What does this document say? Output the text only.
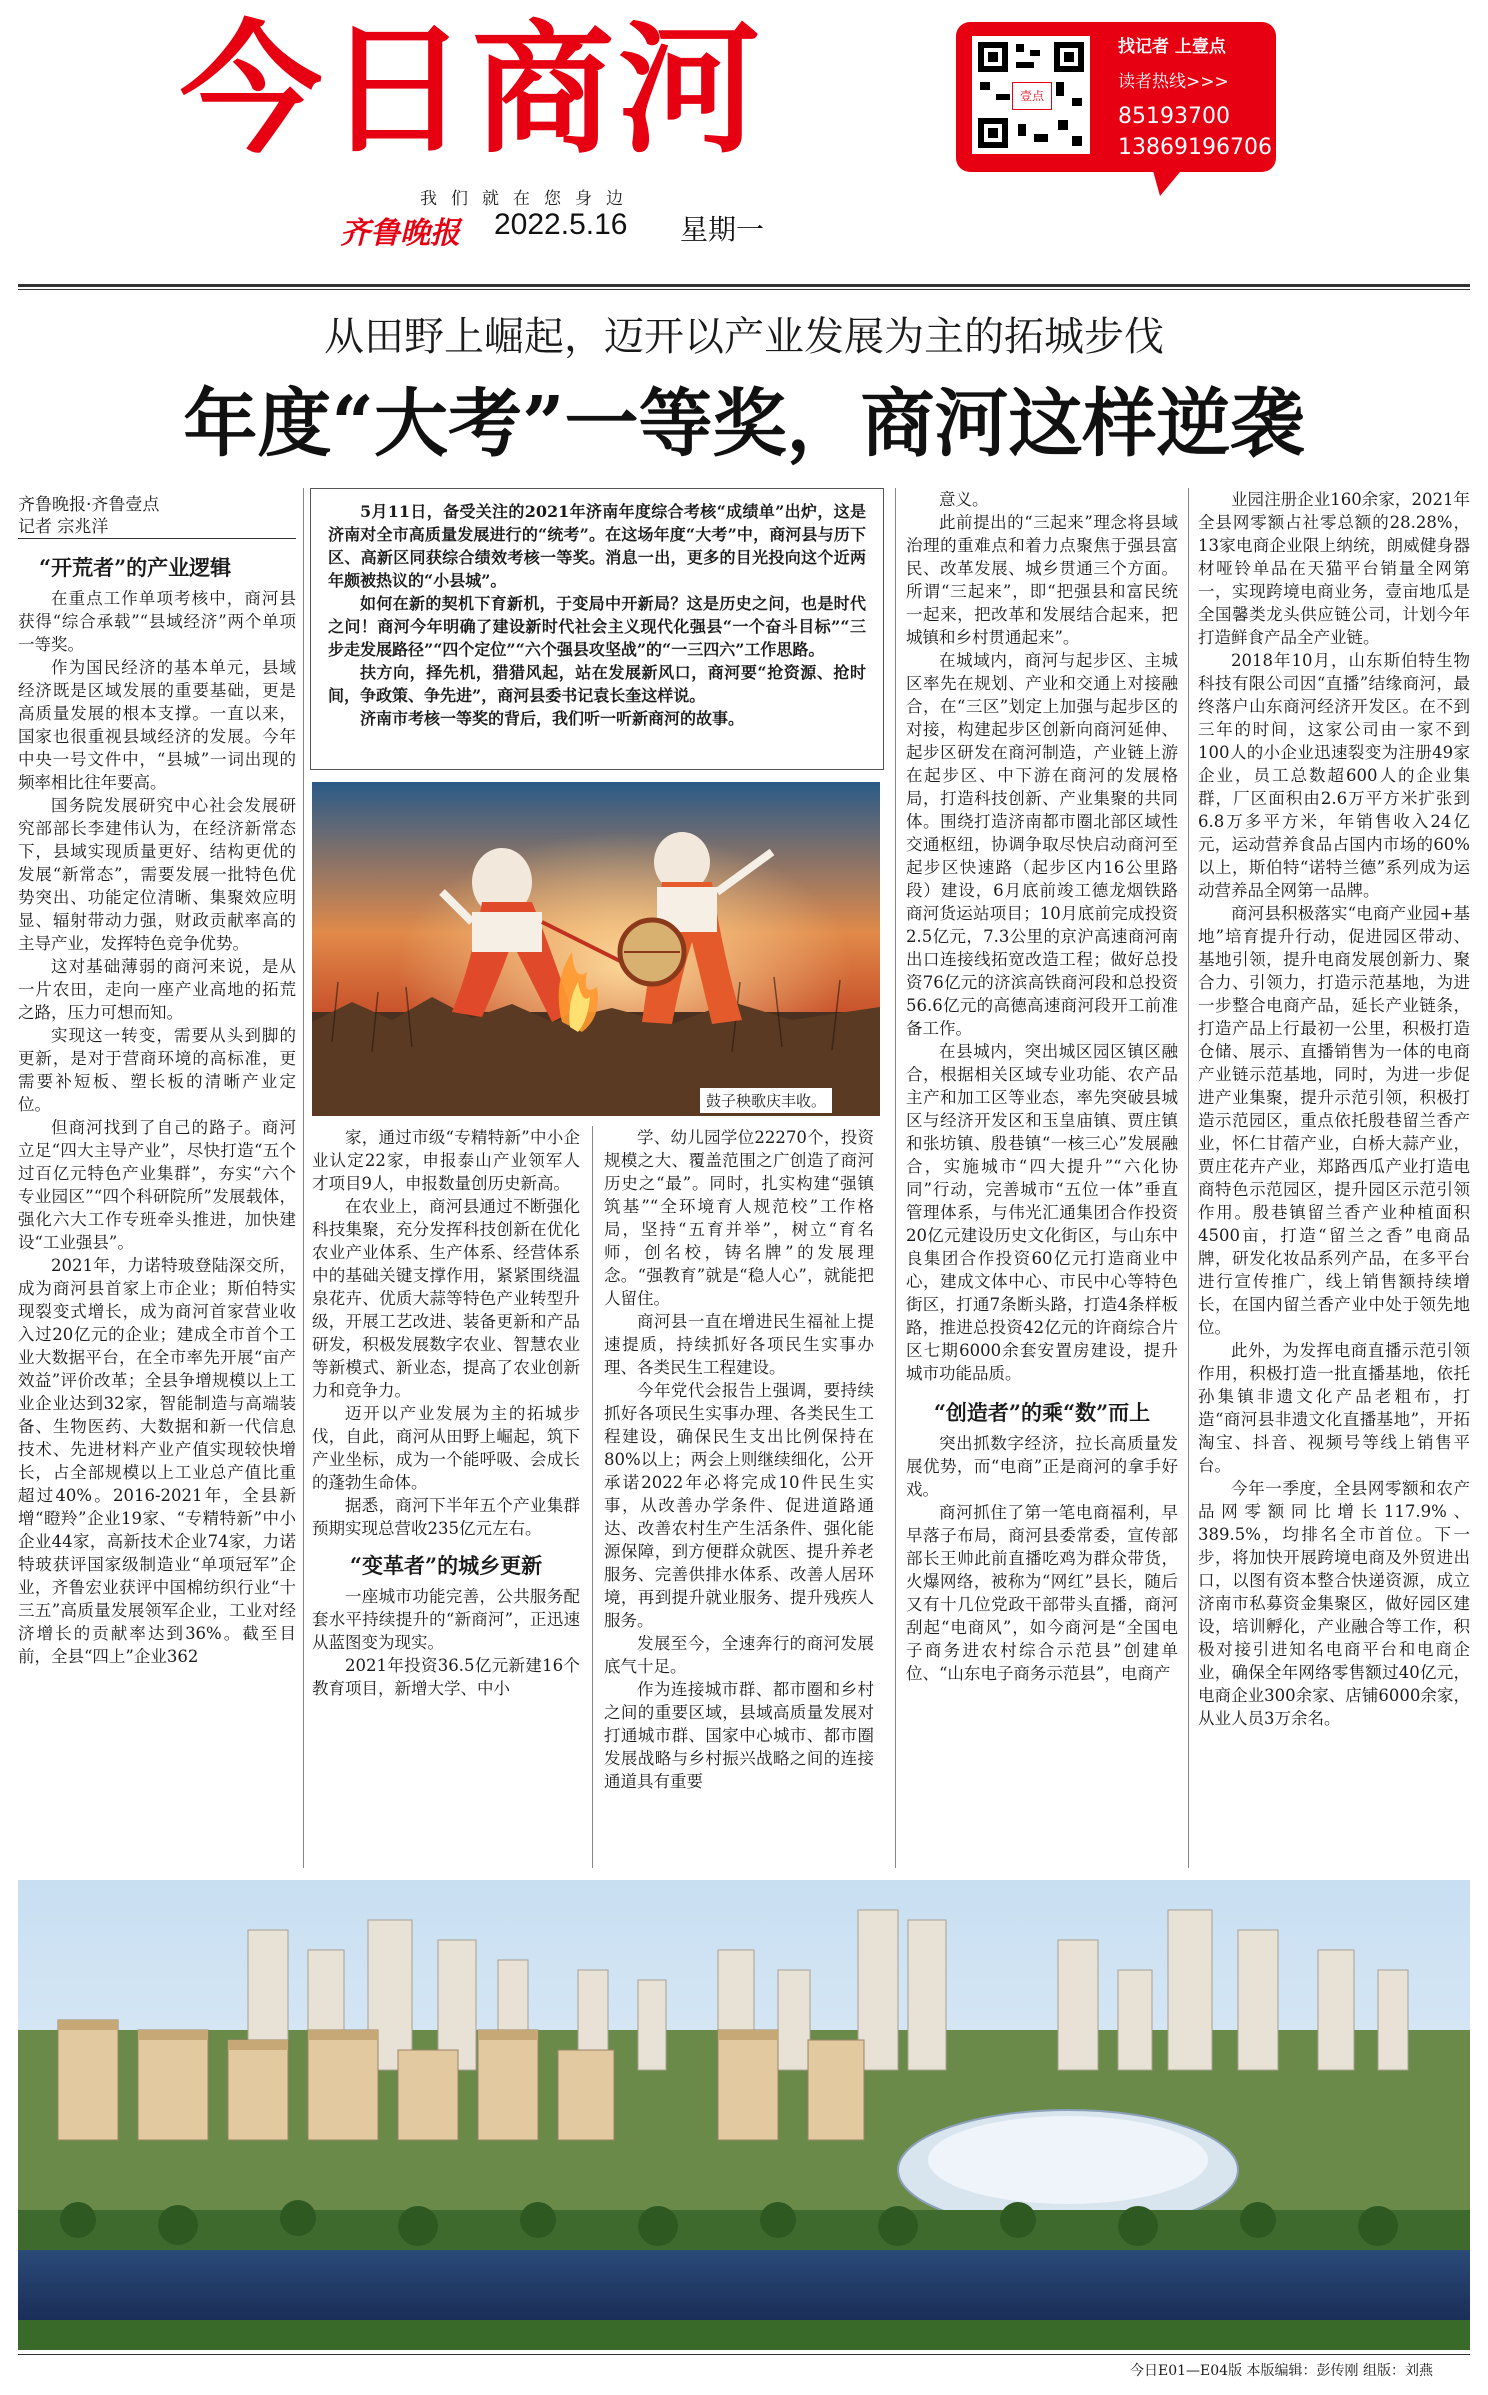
今日商河
我们就在您身边
齐鲁晚报 2022.5.16 星期一
壹点
找记者 上壹点
读者热线>>>
85193700
13869196706
从田野上崛起，迈开以产业发展为主的拓城步伐
年度“大考”一等奖，商河这样逆袭
齐鲁晚报·齐鲁壹点
记者 宗兆洋
“开荒者”的产业逻辑

在重点工作单项考核中，商河县获得“综合承载”“县域经济”两个单项一等奖。

作为国民经济的基本单元，县域经济既是区域发展的重要基础，更是高质量发展的根本支撑。一直以来，国家也很重视县域经济的发展。今年中央一号文件中，“县城”一词出现的频率相比往年要高。

国务院发展研究中心社会发展研究部部长李建伟认为，在经济新常态下，县域实现质量更好、结构更优的发展“新常态”，需要发展一批特色优势突出、功能定位清晰、集聚效应明显、辐射带动力强，财政贡献率高的主导产业，发挥特色竞争优势。

这对基础薄弱的商河来说，是从一片农田，走向一座产业高地的拓荒之路，压力可想而知。

实现这一转变，需要从头到脚的更新，是对于营商环境的高标准，更需要补短板、塑长板的清晰产业定位。

但商河找到了自己的路子。商河立足“四大主导产业”，尽快打造“五个过百亿元特色产业集群”，夯实“六个专业园区”“四个科研院所”发展载体，强化六大工作专班牵头推进，加快建设“工业强县”。

2021年，力诺特玻登陆深交所，成为商河县首家上市企业；斯伯特实现裂变式增长，成为商河首家营业收入过20亿元的企业；建成全市首个工业大数据平台，在全市率先开展“亩产效益”评价改革；全县争增规模以上工业企业达到32家，智能制造与高端装备、生物医药、大数据和新一代信息技术、先进材料产业产值实现较快增长，占全部规模以上工业总产值比重超过40%。2016-2021年，全县新增“瞪羚”企业19家、“专精特新”中小企业44家，高新技术企业74家，力诺特玻获评国家级制造业“单项冠军”企业，齐鲁宏业获评中国棉纺织行业“十三五”高质量发展领军企业，工业对经济增长的贡献率达到36%。截至目前，全县“四上”企业362

5月11日，备受关注的2021年济南年度综合考核“成绩单”出炉，这是济南对全市高质量发展进行的“统考”。在这场年度“大考”中，商河县与历下区、高新区同获综合绩效考核一等奖。消息一出，更多的目光投向这个近两年颇被热议的“小县城”。

如何在新的契机下育新机，于变局中开新局？这是历史之问，也是时代之问！商河今年明确了建设新时代社会主义现代化强县“一个奋斗目标”“三步走发展路径”“四个定位”“六个强县攻坚战”的“一三四六”工作思路。

扶方向，择先机，猎猎风起，站在发展新风口，商河要“抢资源、抢时间，争政策、争先进”，商河县委书记袁长奎这样说。

济南市考核一等奖的背后，我们听一听新商河的故事。

鼓子秧歌庆丰收。

家，通过市级“专精特新”中小企业认定22家，申报泰山产业领军人才项目9人，申报数量创历史新高。

在农业上，商河县通过不断强化科技集聚，充分发挥科技创新在优化农业产业体系、生产体系、经营体系中的基础关键支撑作用，紧紧围绕温泉花卉、优质大蒜等特色产业转型升级，开展工艺改进、装备更新和产品研发，积极发展数字农业、智慧农业等新模式、新业态，提高了农业创新力和竞争力。

迈开以产业发展为主的拓城步伐，自此，商河从田野上崛起，筑下产业坐标，成为一个能呼吸、会成长的蓬勃生命体。

据悉，商河下半年五个产业集群预期实现总营收235亿元左右。

“变革者”的城乡更新

一座城市功能完善，公共服务配套水平持续提升的“新商河”，正迅速从蓝图变为现实。

2021年投资36.5亿元新建16个教育项目，新增大学、中小

学、幼儿园学位22270个，投资规模之大、覆盖范围之广创造了商河历史之“最”。同时，扎实构建“强镇筑基”“全环境育人规范校”工作格局，坚持“五育并举”，树立“育名师，创名校，铸名牌”的发展理念。“强教育”就是“稳人心”，就能把人留住。

商河县一直在增进民生福祉上提速提质，持续抓好各项民生实事办理、各类民生工程建设。

今年党代会报告上强调，要持续抓好各项民生实事办理、各类民生工程建设，确保民生支出比例保持在80%以上；两会上则继续细化，公开承诺2022年必将完成10件民生实事，从改善办学条件、促进道路通达、改善农村生产生活条件、强化能源保障，到方便群众就医、提升养老服务、完善供排水体系、改善人居环境，再到提升就业服务、提升残疾人服务。

发展至今，全速奔行的商河发展底气十足。

作为连接城市群、都市圈和乡村之间的重要区域，县域高质量发展对打通城市群、国家中心城市、都市圈发展战略与乡村振兴战略之间的连接通道具有重要

意义。

此前提出的“三起来”理念将县域治理的重难点和着力点聚焦于强县富民、改革发展、城乡贯通三个方面。所谓“三起来”，即“把强县和富民统一起来，把改革和发展结合起来，把城镇和乡村贯通起来”。

在城域内，商河与起步区、主城区率先在规划、产业和交通上对接融合，在“三区”划定上加强与起步区的对接，构建起步区创新向商河延伸、起步区研发在商河制造，产业链上游在起步区、中下游在商河的发展格局，打造科技创新、产业集聚的共同体。围绕打造济南都市圈北部区域性交通枢纽，协调争取尽快启动商河至起步区快速路（起步区内16公里路段）建设，6月底前竣工德龙烟铁路商河货运站项目；10月底前完成投资2.5亿元，7.3公里的京沪高速商河南出口连接线拓宽改造工程；做好总投资76亿元的济滨高铁商河段和总投资56.6亿元的高德高速商河段开工前准备工作。

在县城内，突出城区园区镇区融合，根据相关区域专业功能、农产品主产和加工区等业态，率先突破县城区与经济开发区和玉皇庙镇、贾庄镇和张坊镇、殷巷镇“一核三心”发展融合，实施城市“四大提升”“六化协同”行动，完善城市“五位一体”垂直管理体系，与伟光汇通集团合作投资20亿元建设历史文化街区，与山东中良集团合作投资60亿元打造商业中心，建成文体中心、市民中心等特色街区，打通7条断头路，打造4条样板路，推进总投资42亿元的许商综合片区七期6000余套安置房建设，提升城市功能品质。

“创造者”的乘“数”而上

突出抓数字经济，拉长高质量发展优势，而“电商”正是商河的拿手好戏。

商河抓住了第一笔电商福利，早早落子布局，商河县委常委，宣传部部长王帅此前直播吃鸡为群众带货，火爆网络，被称为“网红”县长，随后又有十几位党政干部带头直播，商河刮起“电商风”，如今商河是“全国电子商务进农村综合示范县”创建单位、“山东电子商务示范县”，电商产

业园注册企业160余家，2021年全县网零额占社零总额的28.28%，13家电商企业限上纳统，朗威健身器材哑铃单品在天猫平台销量全网第一，实现跨境电商业务，壹亩地瓜是全国馨类龙头供应链公司，计划今年打造鲜食产品全产业链。

2018年10月，山东斯伯特生物科技有限公司因“直播”结缘商河，最终落户山东商河经济开发区。在不到三年的时间，这家公司由一家不到100人的小企业迅速裂变为注册49家企业，员工总数超600人的企业集群，厂区面积由2.6万平方米扩张到6.8万多平方米，年销售收入24亿元，运动营养食品占国内市场的60%以上，斯伯特“诺特兰德”系列成为运动营养品全网第一品牌。

商河县积极落实“电商产业园+基地”培育提升行动，促进园区带动、基地引领，提升电商发展创新力、聚合力、引领力，打造示范基地，为进一步整合电商产品，延长产业链条，打造产品上行最初一公里，积极打造仓储、展示、直播销售为一体的电商产业链示范基地，同时，为进一步促进产业集聚，提升示范引领，积极打造示范园区，重点依托殷巷留兰香产业，怀仁甘蓿产业，白桥大蒜产业，贾庄花卉产业，郑路西瓜产业打造电商特色示范园区，提升园区示范引领作用。殷巷镇留兰香产业种植面积4500亩，打造“留兰之香”电商品牌，研发化妆品系列产品，在多平台进行宣传推广，线上销售额持续增长，在国内留兰香产业中处于领先地位。

此外，为发挥电商直播示范引领作用，积极打造一批直播基地，依托孙集镇非遗文化产品老粗布，打造“商河县非遗文化直播基地”，开拓淘宝、抖音、视频号等线上销售平台。

今年一季度，全县网零额和农产品网零额同比增长117.9%、389.5%，均排名全市首位。下一步，将加快开展跨境电商及外贸进出口，以图有资本整合快递资源，成立济南市私募资金集聚区，做好园区建设，培训孵化，产业融合等工作，积极对接引进知名电商平台和电商企业，确保全年网络零售额过40亿元，电商企业300余家、店铺6000余家，从业人员3万余名。

今日E01—E04版 本版编辑：彭传刚 组版：刘燕
